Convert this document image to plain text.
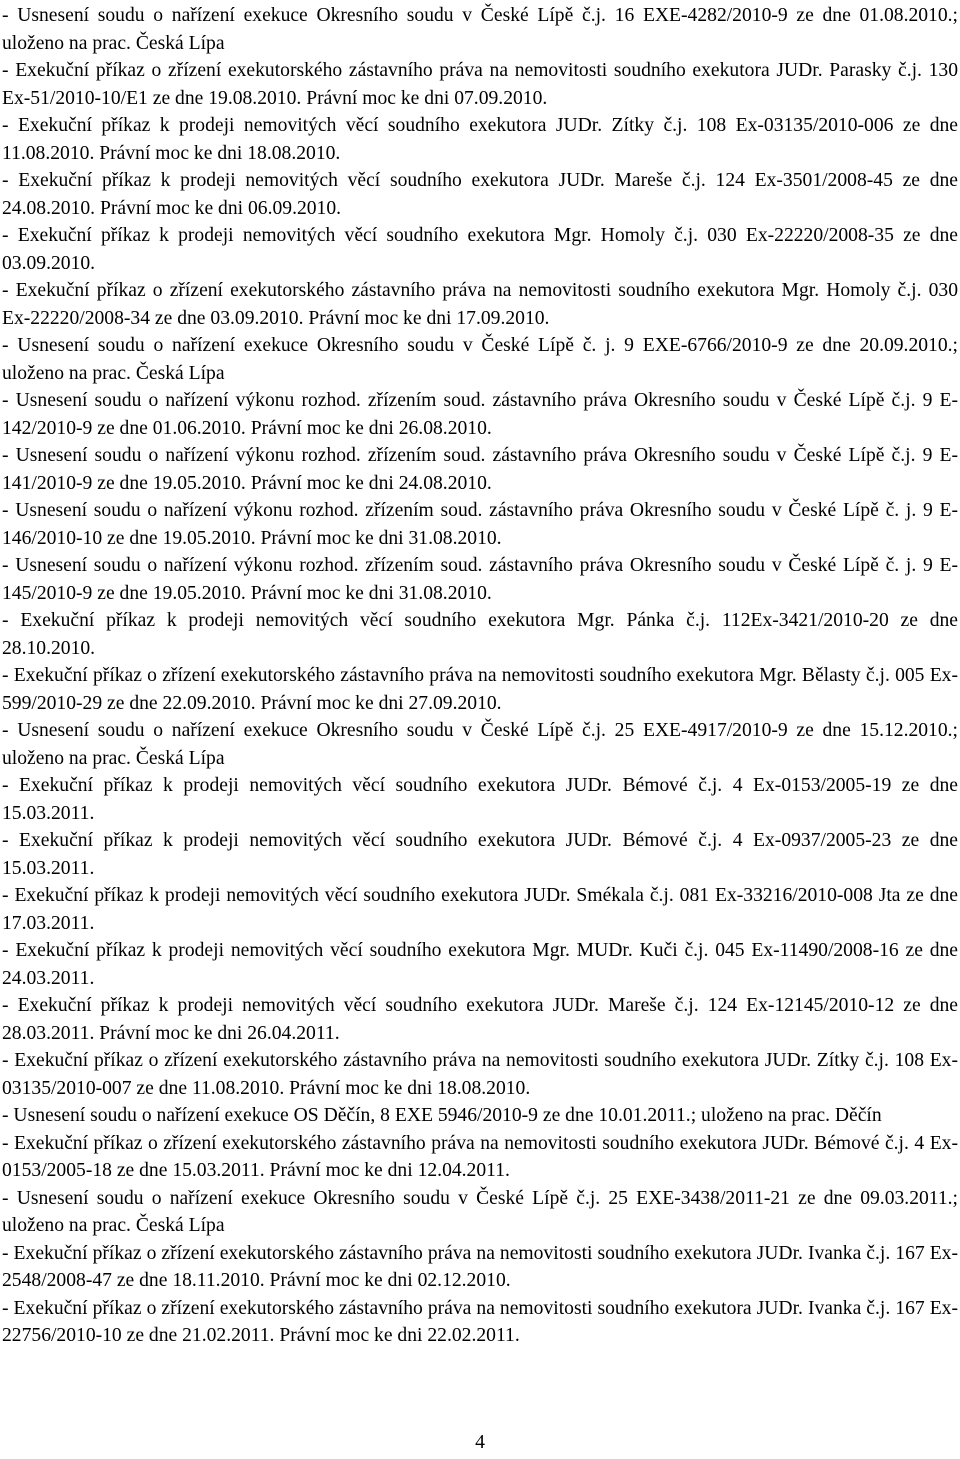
- Usnesení soudu o nařízení exekuce Okresního soudu v České Lípě č.j. 16 EXE-4282/2010-9 ze dne 01.08.2010.; uloženo na prac. Česká Lípa
- Exekuční příkaz o zřízení exekutorského zástavního práva na nemovitosti soudního exekutora JUDr. Parasky č.j. 130 Ex-51/2010-10/E1 ze dne 19.08.2010. Právní moc ke dni 07.09.2010.
- Exekuční příkaz k prodeji nemovitých věcí soudního exekutora JUDr. Zítky č.j. 108 Ex-03135/2010-006 ze dne 11.08.2010. Právní moc ke dni 18.08.2010.
- Exekuční příkaz k prodeji nemovitých věcí soudního exekutora JUDr. Mareše č.j. 124 Ex-3501/2008-45 ze dne 24.08.2010. Právní moc ke dni 06.09.2010.
- Exekuční příkaz k prodeji nemovitých věcí soudního exekutora Mgr. Homoly č.j. 030 Ex-22220/2008-35 ze dne 03.09.2010.
- Exekuční příkaz o zřízení exekutorského zástavního práva na nemovitosti soudního exekutora Mgr. Homoly č.j. 030 Ex-22220/2008-34 ze dne 03.09.2010. Právní moc ke dni 17.09.2010.
- Usnesení soudu o nařízení exekuce Okresního soudu v České Lípě č. j. 9 EXE-6766/2010-9 ze dne 20.09.2010.; uloženo na prac. Česká Lípa
- Usnesení soudu o nařízení výkonu rozhod. zřízením soud. zástavního práva Okresního soudu v České Lípě č.j. 9 E-142/2010-9 ze dne 01.06.2010. Právní moc ke dni 26.08.2010.
- Usnesení soudu o nařízení výkonu rozhod. zřízením soud. zástavního práva Okresního soudu v České Lípě č.j. 9 E-141/2010-9 ze dne 19.05.2010. Právní moc ke dni 24.08.2010.
- Usnesení soudu o nařízení výkonu rozhod. zřízením soud. zástavního práva Okresního soudu v České Lípě č. j. 9 E-146/2010-10 ze dne 19.05.2010. Právní moc ke dni 31.08.2010.
- Usnesení soudu o nařízení výkonu rozhod. zřízením soud. zástavního práva Okresního soudu v České Lípě č. j. 9 E-145/2010-9 ze dne 19.05.2010. Právní moc ke dni 31.08.2010.
- Exekuční příkaz k prodeji nemovitých věcí soudního exekutora Mgr. Pánka č.j. 112Ex-3421/2010-20 ze dne 28.10.2010.
- Exekuční příkaz o zřízení exekutorského zástavního práva na nemovitosti soudního exekutora Mgr. Bělasty č.j. 005 Ex-599/2010-29 ze dne 22.09.2010. Právní moc ke dni 27.09.2010.
- Usnesení soudu o nařízení exekuce Okresního soudu v České Lípě č.j. 25 EXE-4917/2010-9 ze dne 15.12.2010.; uloženo na prac. Česká Lípa
- Exekuční příkaz k prodeji nemovitých věcí soudního exekutora JUDr. Bémové č.j. 4 Ex-0153/2005-19 ze dne 15.03.2011.
- Exekuční příkaz k prodeji nemovitých věcí soudního exekutora JUDr. Bémové č.j. 4 Ex-0937/2005-23 ze dne 15.03.2011.
- Exekuční příkaz k prodeji nemovitých věcí soudního exekutora JUDr. Smékala č.j. 081 Ex-33216/2010-008 Jta ze dne 17.03.2011.
- Exekuční příkaz k prodeji nemovitých věcí soudního exekutora Mgr. MUDr. Kuči č.j. 045 Ex-11490/2008-16 ze dne 24.03.2011.
- Exekuční příkaz k prodeji nemovitých věcí soudního exekutora JUDr. Mareše č.j. 124 Ex-12145/2010-12 ze dne 28.03.2011. Právní moc ke dni 26.04.2011.
- Exekuční příkaz o zřízení exekutorského zástavního práva na nemovitosti soudního exekutora JUDr. Zítky č.j. 108 Ex-03135/2010-007 ze dne 11.08.2010. Právní moc ke dni 18.08.2010.
- Usnesení soudu o nařízení exekuce OS Děčín, 8 EXE 5946/2010-9 ze dne 10.01.2011.; uloženo na prac. Děčín
- Exekuční příkaz o zřízení exekutorského zástavního práva na nemovitosti soudního exekutora JUDr. Bémové č.j. 4 Ex-0153/2005-18 ze dne 15.03.2011. Právní moc ke dni 12.04.2011.
- Usnesení soudu o nařízení exekuce Okresního soudu v České Lípě č.j. 25 EXE-3438/2011-21 ze dne 09.03.2011.; uloženo na prac. Česká Lípa
- Exekuční příkaz o zřízení exekutorského zástavního práva na nemovitosti soudního exekutora JUDr. Ivanka č.j. 167 Ex-2548/2008-47 ze dne 18.11.2010. Právní moc ke dni 02.12.2010.
- Exekuční příkaz o zřízení exekutorského zástavního práva na nemovitosti soudního exekutora JUDr. Ivanka č.j. 167 Ex-22756/2010-10 ze dne 21.02.2011. Právní moc ke dni 22.02.2011.
4
